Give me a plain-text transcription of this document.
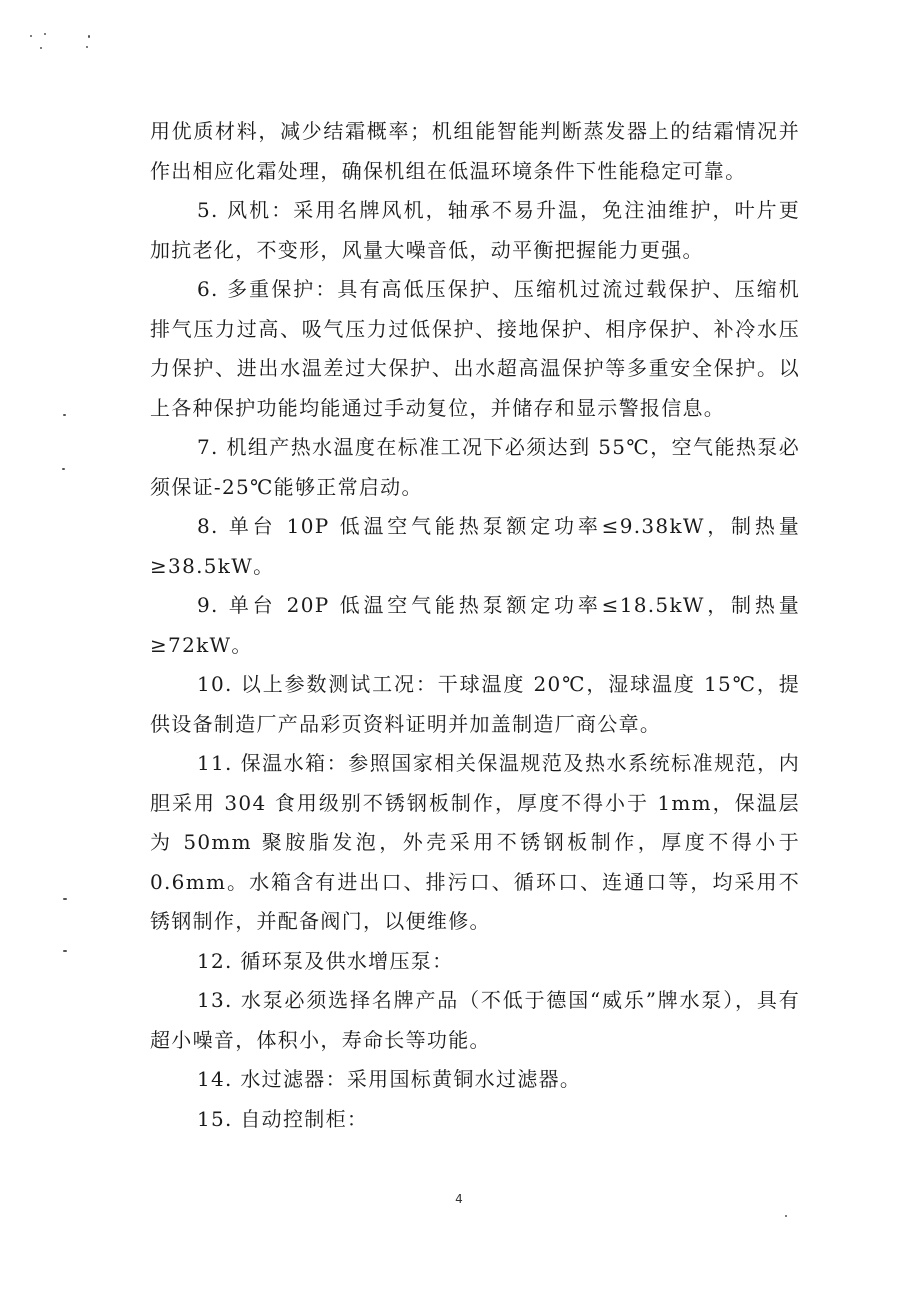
用优质材料，减少结霜概率；机组能智能判断蒸发器上的结霜情况并作出相应化霜处理，确保机组在低温环境条件下性能稳定可靠。

5. 风机：采用名牌风机，轴承不易升温，免注油维护，叶片更加抗老化，不变形，风量大噪音低，动平衡把握能力更强。

6. 多重保护：具有高低压保护、压缩机过流过载保护、压缩机排气压力过高、吸气压力过低保护、接地保护、相序保护、补冷水压力保护、进出水温差过大保护、出水超高温保护等多重安全保护。以上各种保护功能均能通过手动复位，并储存和显示警报信息。

7. 机组产热水温度在标准工况下必须达到 55℃，空气能热泵必须保证-25℃能够正常启动。

8. 单台 10P 低温空气能热泵额定功率≤9.38kW，制热量≥38.5kW。

9. 单台 20P 低温空气能热泵额定功率≤18.5kW，制热量≥72kW。

10. 以上参数测试工况：干球温度 20℃，湿球温度 15℃，提供设备制造厂产品彩页资料证明并加盖制造厂商公章。

11. 保温水箱：参照国家相关保温规范及热水系统标准规范，内胆采用 304 食用级别不锈钢板制作，厚度不得小于 1mm，保温层为 50mm 聚胺脂发泡，外壳采用不锈钢板制作，厚度不得小于 0.6mm。水箱含有进出口、排污口、循环口、连通口等，均采用不锈钢制作，并配备阀门，以便维修。

12. 循环泵及供水增压泵：

13. 水泵必须选择名牌产品（不低于德国“威乐”牌水泵），具有超小噪音，体积小，寿命长等功能。

14. 水过滤器：采用国标黄铜水过滤器。

15. 自动控制柜：

4
